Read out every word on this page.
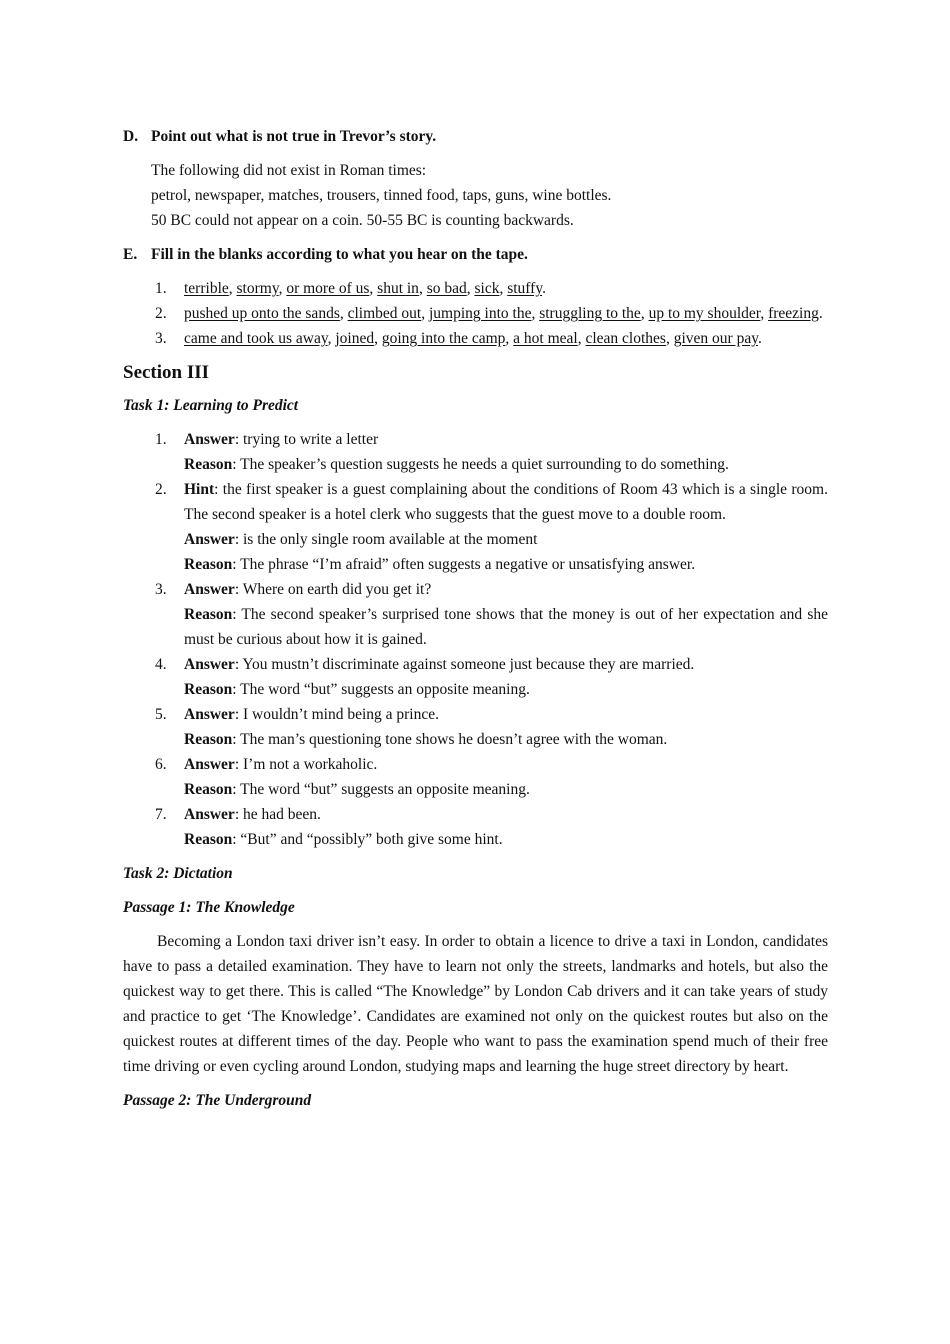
D. Point out what is not true in Trevor’s story.
The following did not exist in Roman times:
petrol, newspaper, matches, trousers, tinned food, taps, guns, wine bottles.
50 BC could not appear on a coin. 50-55 BC is counting backwards.
E. Fill in the blanks according to what you hear on the tape.
1.	terrible, stormy, or more of us, shut in, so bad, sick, stuffy.
2.	pushed up onto the sands, climbed out, jumping into the, struggling to the, up to my shoulder, freezing.
3.	came and took us away, joined, going into the camp, a hot meal, clean clothes, given our pay.
Section III
Task 1: Learning to Predict
1.	Answer: trying to write a letter
Reason: The speaker’s question suggests he needs a quiet surrounding to do something.
2.	Hint: the first speaker is a guest complaining about the conditions of Room 43 which is a single room. The second speaker is a hotel clerk who suggests that the guest move to a double room.
Answer: is the only single room available at the moment
Reason: The phrase “I’m afraid” often suggests a negative or unsatisfying answer.
3.	Answer: Where on earth did you get it?
Reason: The second speaker’s surprised tone shows that the money is out of her expectation and she must be curious about how it is gained.
4.	Answer: You mustn’t discriminate against someone just because they are married.
Reason: The word “but” suggests an opposite meaning.
5.	Answer: I wouldn’t mind being a prince.
Reason: The man’s questioning tone shows he doesn’t agree with the woman.
6.	Answer: I’m not a workaholic.
Reason: The word “but” suggests an opposite meaning.
7.	Answer: he had been.
Reason: “But” and “possibly” both give some hint.
Task 2: Dictation
Passage 1: The Knowledge
Becoming a London taxi driver isn’t easy. In order to obtain a licence to drive a taxi in London, candidates have to pass a detailed examination. They have to learn not only the streets, landmarks and hotels, but also the quickest way to get there. This is called “The Knowledge” by London Cab drivers and it can take years of study and practice to get ‘The Knowledge’. Candidates are examined not only on the quickest routes but also on the quickest routes at different times of the day. People who want to pass the examination spend much of their free time driving or even cycling around London, studying maps and learning the huge street directory by heart.
Passage 2: The Underground
